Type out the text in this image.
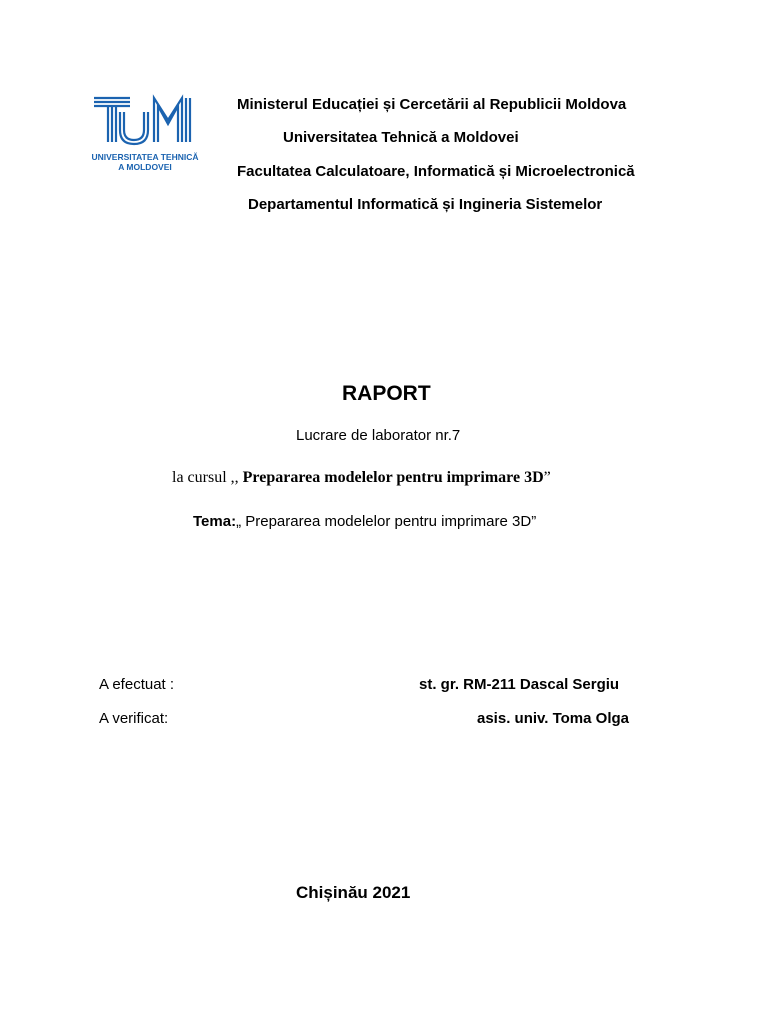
UNIVERSITATEA TEHNICĂ
A MOLDOVEI
Ministerul Educației și Cercetării al Republicii Moldova
Universitatea Tehnică a Moldovei
Facultatea Calculatoare, Informatică și Microelectronică
Departamentul Informatică și Ingineria Sistemelor
RAPORT
Lucrare de laborator nr.7
la cursul ,, Prepararea modelelor pentru imprimare 3D”
Tema:„ Prepararea modelelor pentru imprimare 3D”
A efectuat :	st. gr. RM-211 Dascal Sergiu
A verificat:	asis. univ. Toma Olga
Chișinău 2021
